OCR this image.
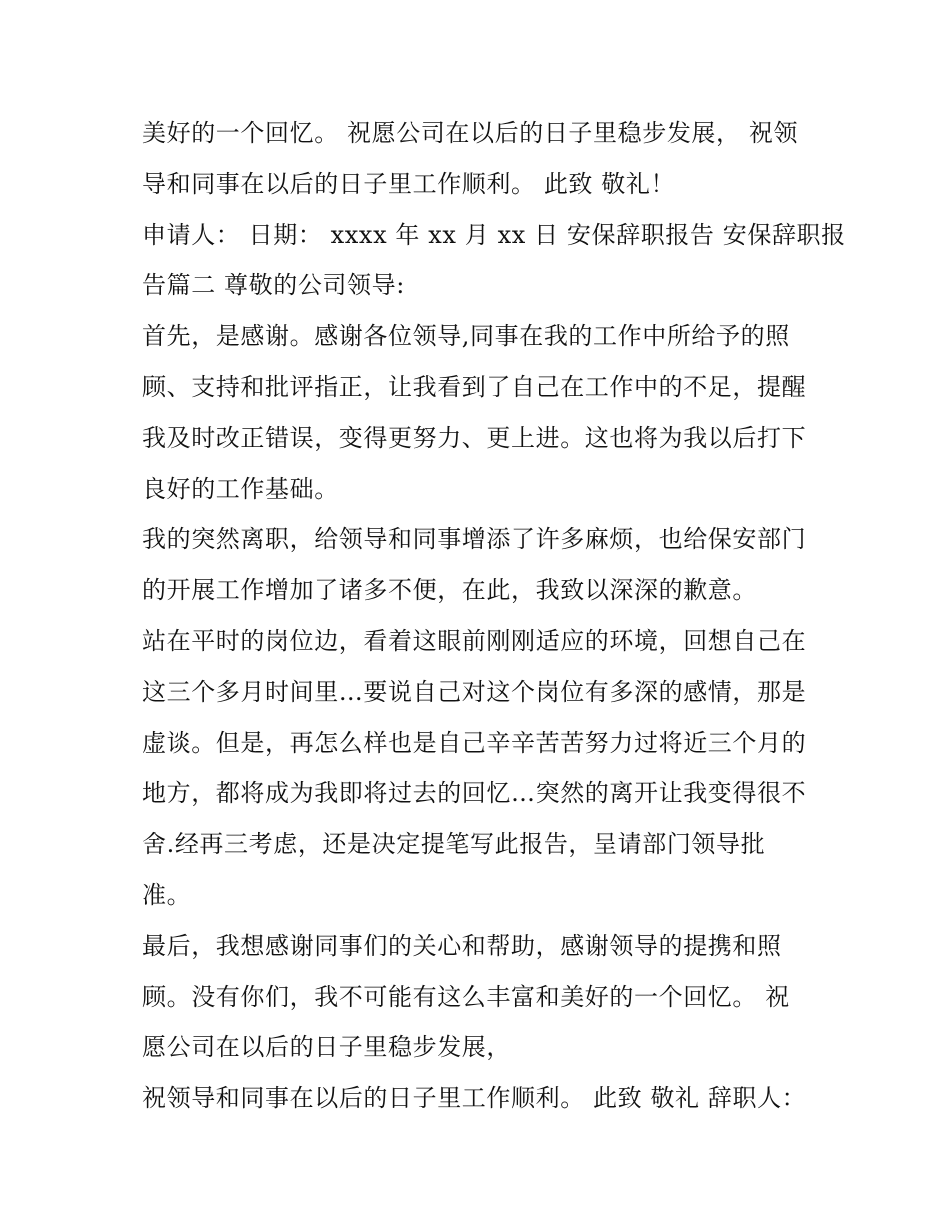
美好的一个回忆。 祝愿公司在以后的日子里稳步发展， 祝领
导和同事在以后的日子里工作顺利。 此致 敬礼！
申请人： 日期： xxxx 年 xx 月 xx 日 安保辞职报告 安保辞职报
告篇二 尊敬的公司领导:
首先，是感谢。感谢各位领导,同事在我的工作中所给予的照
顾、支持和批评指正，让我看到了自己在工作中的不足，提醒
我及时改正错误，变得更努力、更上进。这也将为我以后打下
良好的工作基础。
我的突然离职，给领导和同事增添了许多麻烦，也给保安部门
的开展工作增加了诸多不便，在此，我致以深深的歉意。
站在平时的岗位边，看着这眼前刚刚适应的环境，回想自己在
这三个多月时间里…要说自己对这个岗位有多深的感情，那是
虚谈。但是，再怎么样也是自己辛辛苦苦努力过将近三个月的
地方，都将成为我即将过去的回忆…突然的离开让我变得很不
舍.经再三考虑，还是决定提笔写此报告，呈请部门领导批
准。
最后，我想感谢同事们的关心和帮助，感谢领导的提携和照
顾。没有你们，我不可能有这么丰富和美好的一个回忆。 祝
愿公司在以后的日子里稳步发展，
祝领导和同事在以后的日子里工作顺利。 此致 敬礼 辞职人：
